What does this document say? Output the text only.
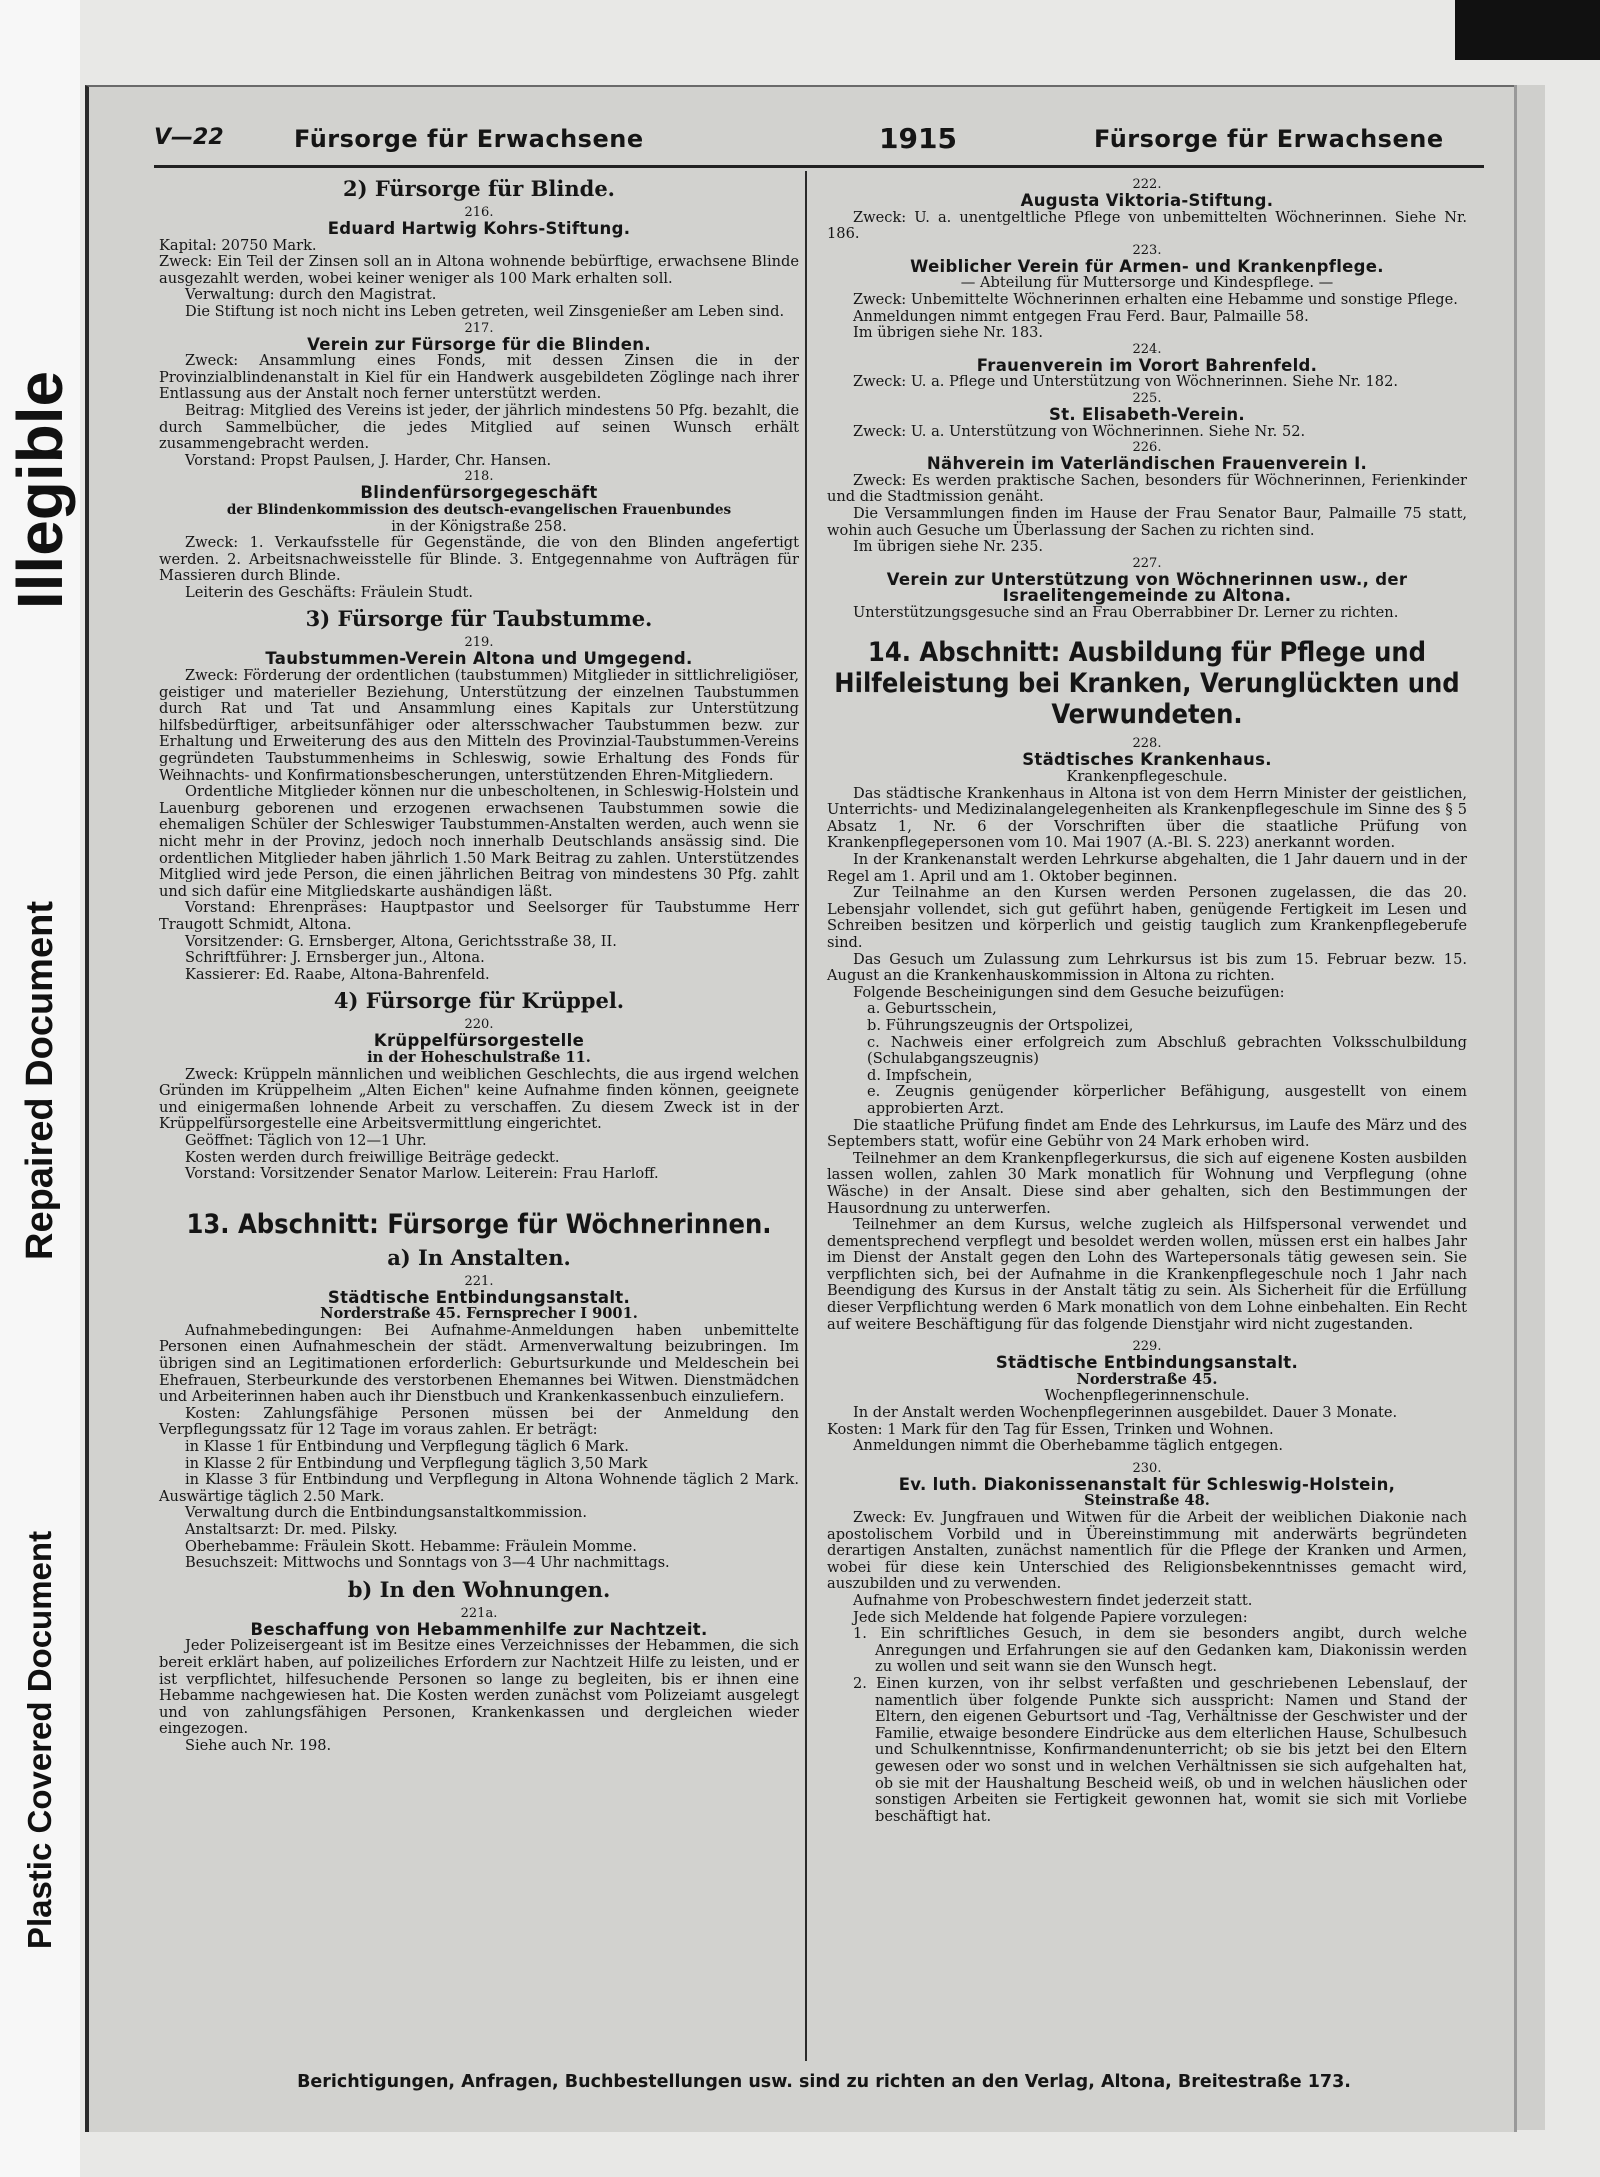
Illegible
Repaired Document
Plastic Covered Document
V—22	Fürsorge für Erwachsene	1915	Fürsorge für Erwachsene

2) Fürsorge für Blinde.

216.

Eduard Hartwig Kohrs-Stiftung.

Kapital: 20750 Mark.

Zweck: Ein Teil der Zinsen soll an in Altona wohnende bebürftige, erwachsene Blinde ausgezahlt werden, wobei keiner weniger als 100 Mark erhalten soll.

Verwaltung: durch den Magistrat.

Die Stiftung ist noch nicht ins Leben getreten, weil Zinsgenießer am Leben sind.

217.

Verein zur Fürsorge für die Blinden.

Zweck: Ansammlung eines Fonds, mit dessen Zinsen die in der Provinzialblindenanstalt in Kiel für ein Handwerk ausgebildeten Zöglinge nach ihrer Entlassung aus der Anstalt noch ferner unterstützt werden.

Beitrag: Mitglied des Vereins ist jeder, der jährlich mindestens 50 Pfg. bezahlt, die durch Sammelbücher, die jedes Mitglied auf seinen Wunsch erhält zusammengebracht werden.

Vorstand: Propst Paulsen, J. Harder, Chr. Hansen.

218.

Blindenfürsorgegeschäft

der Blindenkommission des deutsch-evangelischen Frauenbundes

in der Königstraße 258.

Zweck: 1. Verkaufsstelle für Gegenstände, die von den Blinden angefertigt werden. 2. Arbeitsnachweisstelle für Blinde. 3. Entgegennahme von Aufträgen für Massieren durch Blinde.

Leiterin des Geschäfts: Fräulein Studt.

3) Fürsorge für Taubstumme.

219.

Taubstummen-Verein Altona und Umgegend.

Zweck: Förderung der ordentlichen (taubstummen) Mitglieder in sittlichreligiöser, geistiger und materieller Beziehung, Unterstützung der einzelnen Taubstummen durch Rat und Tat und Ansammlung eines Kapitals zur Unterstützung hilfsbedürftiger, arbeitsunfähiger oder altersschwacher Taubstummen bezw. zur Erhaltung und Erweiterung des aus den Mitteln des Provinzial-Taubstummen-Vereins gegründeten Taubstummenheims in Schleswig, sowie Erhaltung des Fonds für Weihnachts- und Konfirmationsbescherungen, unterstützenden Ehren-Mitgliedern.

Ordentliche Mitglieder können nur die unbescholtenen, in Schleswig-Holstein und Lauenburg geborenen und erzogenen erwachsenen Taubstummen sowie die ehemaligen Schüler der Schleswiger Taubstummen-Anstalten werden, auch wenn sie nicht mehr in der Provinz, jedoch noch innerhalb Deutschlands ansässig sind. Die ordentlichen Mitglieder haben jährlich 1.50 Mark Beitrag zu zahlen. Unterstützendes Mitglied wird jede Person, die einen jährlichen Beitrag von mindestens 30 Pfg. zahlt und sich dafür eine Mitgliedskarte aushändigen läßt.

Vorstand: Ehrenpräses: Hauptpastor und Seelsorger für Taubstumme Herr Traugott Schmidt, Altona.

Vorsitzender: G. Ernsberger, Altona, Gerichtsstraße 38, II.

Schriftführer: J. Ernsberger jun., Altona.

Kassierer: Ed. Raabe, Altona-Bahrenfeld.

4) Fürsorge für Krüppel.

220.

Krüppelfürsorgestelle

in der Hoheschulstraße 11.

Zweck: Krüppeln männlichen und weiblichen Geschlechts, die aus irgend welchen Gründen im Krüppelheim „Alten Eichen" keine Aufnahme finden können, geeignete und einigermaßen lohnende Arbeit zu verschaffen. Zu diesem Zweck ist in der Krüppelfürsorgestelle eine Arbeitsvermittlung eingerichtet.

Geöffnet: Täglich von 12—1 Uhr.

Kosten werden durch freiwillige Beiträge gedeckt.

Vorstand: Vorsitzender Senator Marlow. Leiterein: Frau Harloff.

13. Abschnitt: Fürsorge für Wöchnerinnen.

a) In Anstalten.

221.

Städtische Entbindungsanstalt.

Norderstraße 45. Fernsprecher I 9001.

Aufnahmebedingungen: Bei Aufnahme-Anmeldungen haben unbemittelte Personen einen Aufnahmeschein der städt. Armenverwaltung beizubringen. Im übrigen sind an Legitimationen erforderlich: Geburtsurkunde und Meldeschein bei Ehefrauen, Sterbeurkunde des verstorbenen Ehemannes bei Witwen. Dienstmädchen und Arbeiterinnen haben auch ihr Dienstbuch und Krankenkassenbuch einzuliefern.

Kosten: Zahlungsfähige Personen müssen bei der Anmeldung den Verpflegungssatz für 12 Tage im voraus zahlen. Er beträgt:

in Klasse 1 für Entbindung und Verpflegung täglich 6 Mark.

in Klasse 2 für Entbindung und Verpflegung täglich 3,50 Mark

in Klasse 3 für Entbindung und Verpflegung in Altona Wohnende täglich 2 Mark. Auswärtige täglich 2.50 Mark.

Verwaltung durch die Entbindungsanstaltkommission.

Anstaltsarzt: Dr. med. Pilsky.

Oberhebamme: Fräulein Skott. Hebamme: Fräulein Momme.

Besuchszeit: Mittwochs und Sonntags von 3—4 Uhr nachmittags.

b) In den Wohnungen.

221a.

Beschaffung von Hebammenhilfe zur Nachtzeit.

Jeder Polizeisergeant ist im Besitze eines Verzeichnisses der Hebammen, die sich bereit erklärt haben, auf polizeiliches Erfordern zur Nachtzeit Hilfe zu leisten, und er ist verpflichtet, hilfesuchende Personen so lange zu begleiten, bis er ihnen eine Hebamme nachgewiesen hat. Die Kosten werden zunächst vom Polizeiamt ausgelegt und von zahlungsfähigen Personen, Krankenkassen und dergleichen wieder eingezogen.

Siehe auch Nr. 198.

222.

Augusta Viktoria-Stiftung.

Zweck: U. a. unentgeltliche Pflege von unbemittelten Wöchnerinnen. Siehe Nr. 186.

223.

Weiblicher Verein für Armen- und Krankenpflege.

— Abteilung für Muttersorge und Kindespflege. —

Zweck: Unbemittelte Wöchnerinnen erhalten eine Hebamme und sonstige Pflege.

Anmeldungen nimmt entgegen Frau Ferd. Baur, Palmaille 58.

Im übrigen siehe Nr. 183.

224.

Frauenverein im Vorort Bahrenfeld.

Zweck: U. a. Pflege und Unterstützung von Wöchnerinnen. Siehe Nr. 182.

225.

St. Elisabeth-Verein.

Zweck: U. a. Unterstützung von Wöchnerinnen. Siehe Nr. 52.

226.

Nähverein im Vaterländischen Frauenverein I.

Zweck: Es werden praktische Sachen, besonders für Wöchnerinnen, Ferienkinder und die Stadtmission genäht.

Die Versammlungen finden im Hause der Frau Senator Baur, Palmaille 75 statt, wohin auch Gesuche um Überlassung der Sachen zu richten sind.

Im übrigen siehe Nr. 235.

227.

Verein zur Unterstützung von Wöchnerinnen usw., der Israelitengemeinde zu Altona.

Unterstützungsgesuche sind an Frau Oberrabbiner Dr. Lerner zu richten.

14. Abschnitt: Ausbildung für Pflege und Hilfeleistung bei Kranken, Verunglückten und Verwundeten.

228.

Städtisches Krankenhaus.

Krankenpflegeschule.

Das städtische Krankenhaus in Altona ist von dem Herrn Minister der geistlichen, Unterrichts- und Medizinalangelegenheiten als Krankenpflegeschule im Sinne des § 5 Absatz 1, Nr. 6 der Vorschriften über die staatliche Prüfung von Krankenpflegepersonen vom 10. Mai 1907 (A.-Bl. S. 223) anerkannt worden.

In der Krankenanstalt werden Lehrkurse abgehalten, die 1 Jahr dauern und in der Regel am 1. April und am 1. Oktober beginnen.

Zur Teilnahme an den Kursen werden Personen zugelassen, die das 20. Lebensjahr vollendet, sich gut geführt haben, genügende Fertigkeit im Lesen und Schreiben besitzen und körperlich und geistig tauglich zum Krankenpflegeberufe sind.

Das Gesuch um Zulassung zum Lehrkursus ist bis zum 15. Februar bezw. 15. August an die Krankenhauskommission in Altona zu richten.

Folgende Bescheinigungen sind dem Gesuche beizufügen:

a. Geburtsschein,

b. Führungszeugnis der Ortspolizei,

c. Nachweis einer erfolgreich zum Abschluß gebrachten Volksschulbildung (Schulabgangszeugnis)

d. Impfschein,

e. Zeugnis genügender körperlicher Befähigung, ausgestellt von einem approbierten Arzt.

Die staatliche Prüfung findet am Ende des Lehrkursus, im Laufe des März und des Septembers statt, wofür eine Gebühr von 24 Mark erhoben wird.

Teilnehmer an dem Krankenpflegerkursus, die sich auf eigenene Kosten ausbilden lassen wollen, zahlen 30 Mark monatlich für Wohnung und Verpflegung (ohne Wäsche) in der Ansalt. Diese sind aber gehalten, sich den Bestimmungen der Hausordnung zu unterwerfen.

Teilnehmer an dem Kursus, welche zugleich als Hilfspersonal verwendet und dementsprechend verpflegt und besoldet werden wollen, müssen erst ein halbes Jahr im Dienst der Anstalt gegen den Lohn des Wartepersonals tätig gewesen sein. Sie verpflichten sich, bei der Aufnahme in die Krankenpflegeschule noch 1 Jahr nach Beendigung des Kursus in der Anstalt tätig zu sein. Als Sicherheit für die Erfüllung dieser Verpflichtung werden 6 Mark monatlich von dem Lohne einbehalten. Ein Recht auf weitere Beschäftigung für das folgende Dienstjahr wird nicht zugestanden.

229.

Städtische Entbindungsanstalt.

Norderstraße 45.

Wochenpflegerinnenschule.

In der Anstalt werden Wochenpflegerinnen ausgebildet. Dauer 3 Monate.

Kosten: 1 Mark für den Tag für Essen, Trinken und Wohnen.

Anmeldungen nimmt die Oberhebamme täglich entgegen.

230.

Ev. luth. Diakonissenanstalt für Schleswig-Holstein,

Steinstraße 48.

Zweck: Ev. Jungfrauen und Witwen für die Arbeit der weiblichen Diakonie nach apostolischem Vorbild und in Übereinstimmung mit anderwärts begründeten derartigen Anstalten, zunächst namentlich für die Pflege der Kranken und Armen, wobei für diese kein Unterschied des Religionsbekenntnisses gemacht wird, auszubilden und zu verwenden.

Aufnahme von Probeschwestern findet jederzeit statt.

Jede sich Meldende hat folgende Papiere vorzulegen:

1. Ein schriftliches Gesuch, in dem sie besonders angibt, durch welche Anregungen und Erfahrungen sie auf den Gedanken kam, Diakonissin werden zu wollen und seit wann sie den Wunsch hegt.

2. Einen kurzen, von ihr selbst verfaßten und geschriebenen Lebenslauf, der namentlich über folgende Punkte sich ausspricht: Namen und Stand der Eltern, den eigenen Geburtsort und -Tag, Verhältnisse der Geschwister und der Familie, etwaige besondere Eindrücke aus dem elterlichen Hause, Schulbesuch und Schulkenntnisse, Konfirmandenunterricht; ob sie bis jetzt bei den Eltern gewesen oder wo sonst und in welchen Verhältnissen sie sich aufgehalten hat, ob sie mit der Haushaltung Bescheid weiß, ob und in welchen häuslichen oder sonstigen Arbeiten sie Fertigkeit gewonnen hat, womit sie sich mit Vorliebe beschäftigt hat.

Berichtigungen, Anfragen, Buchbestellungen usw. sind zu richten an den Verlag, Altona, Breitestraße 173.
